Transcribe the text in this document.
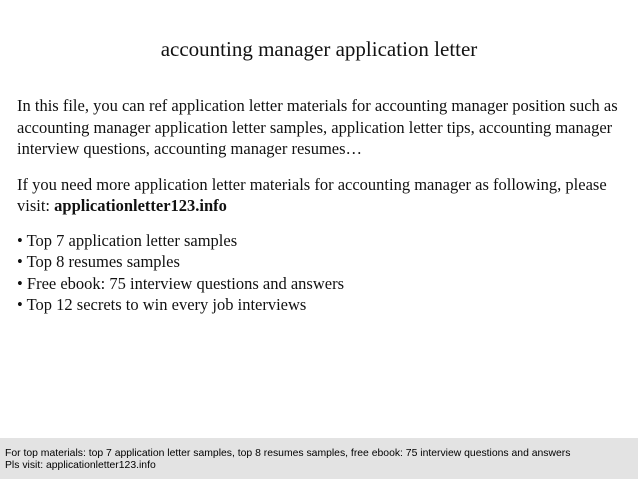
accounting manager application letter

In this file, you can ref application letter materials for accounting manager position such as accounting manager application letter samples, application letter tips, accounting manager interview questions, accounting manager resumes…

If you need more application letter materials for accounting manager as following, please visit: applicationletter123.info

• Top 7 application letter samples
• Top 8 resumes samples
• Free ebook: 75 interview questions and answers
• Top 12 secrets to win every job interviews
For top materials: top 7 application letter samples, top 8 resumes samples, free ebook: 75 interview questions and answers
Pls visit: applicationletter123.info
